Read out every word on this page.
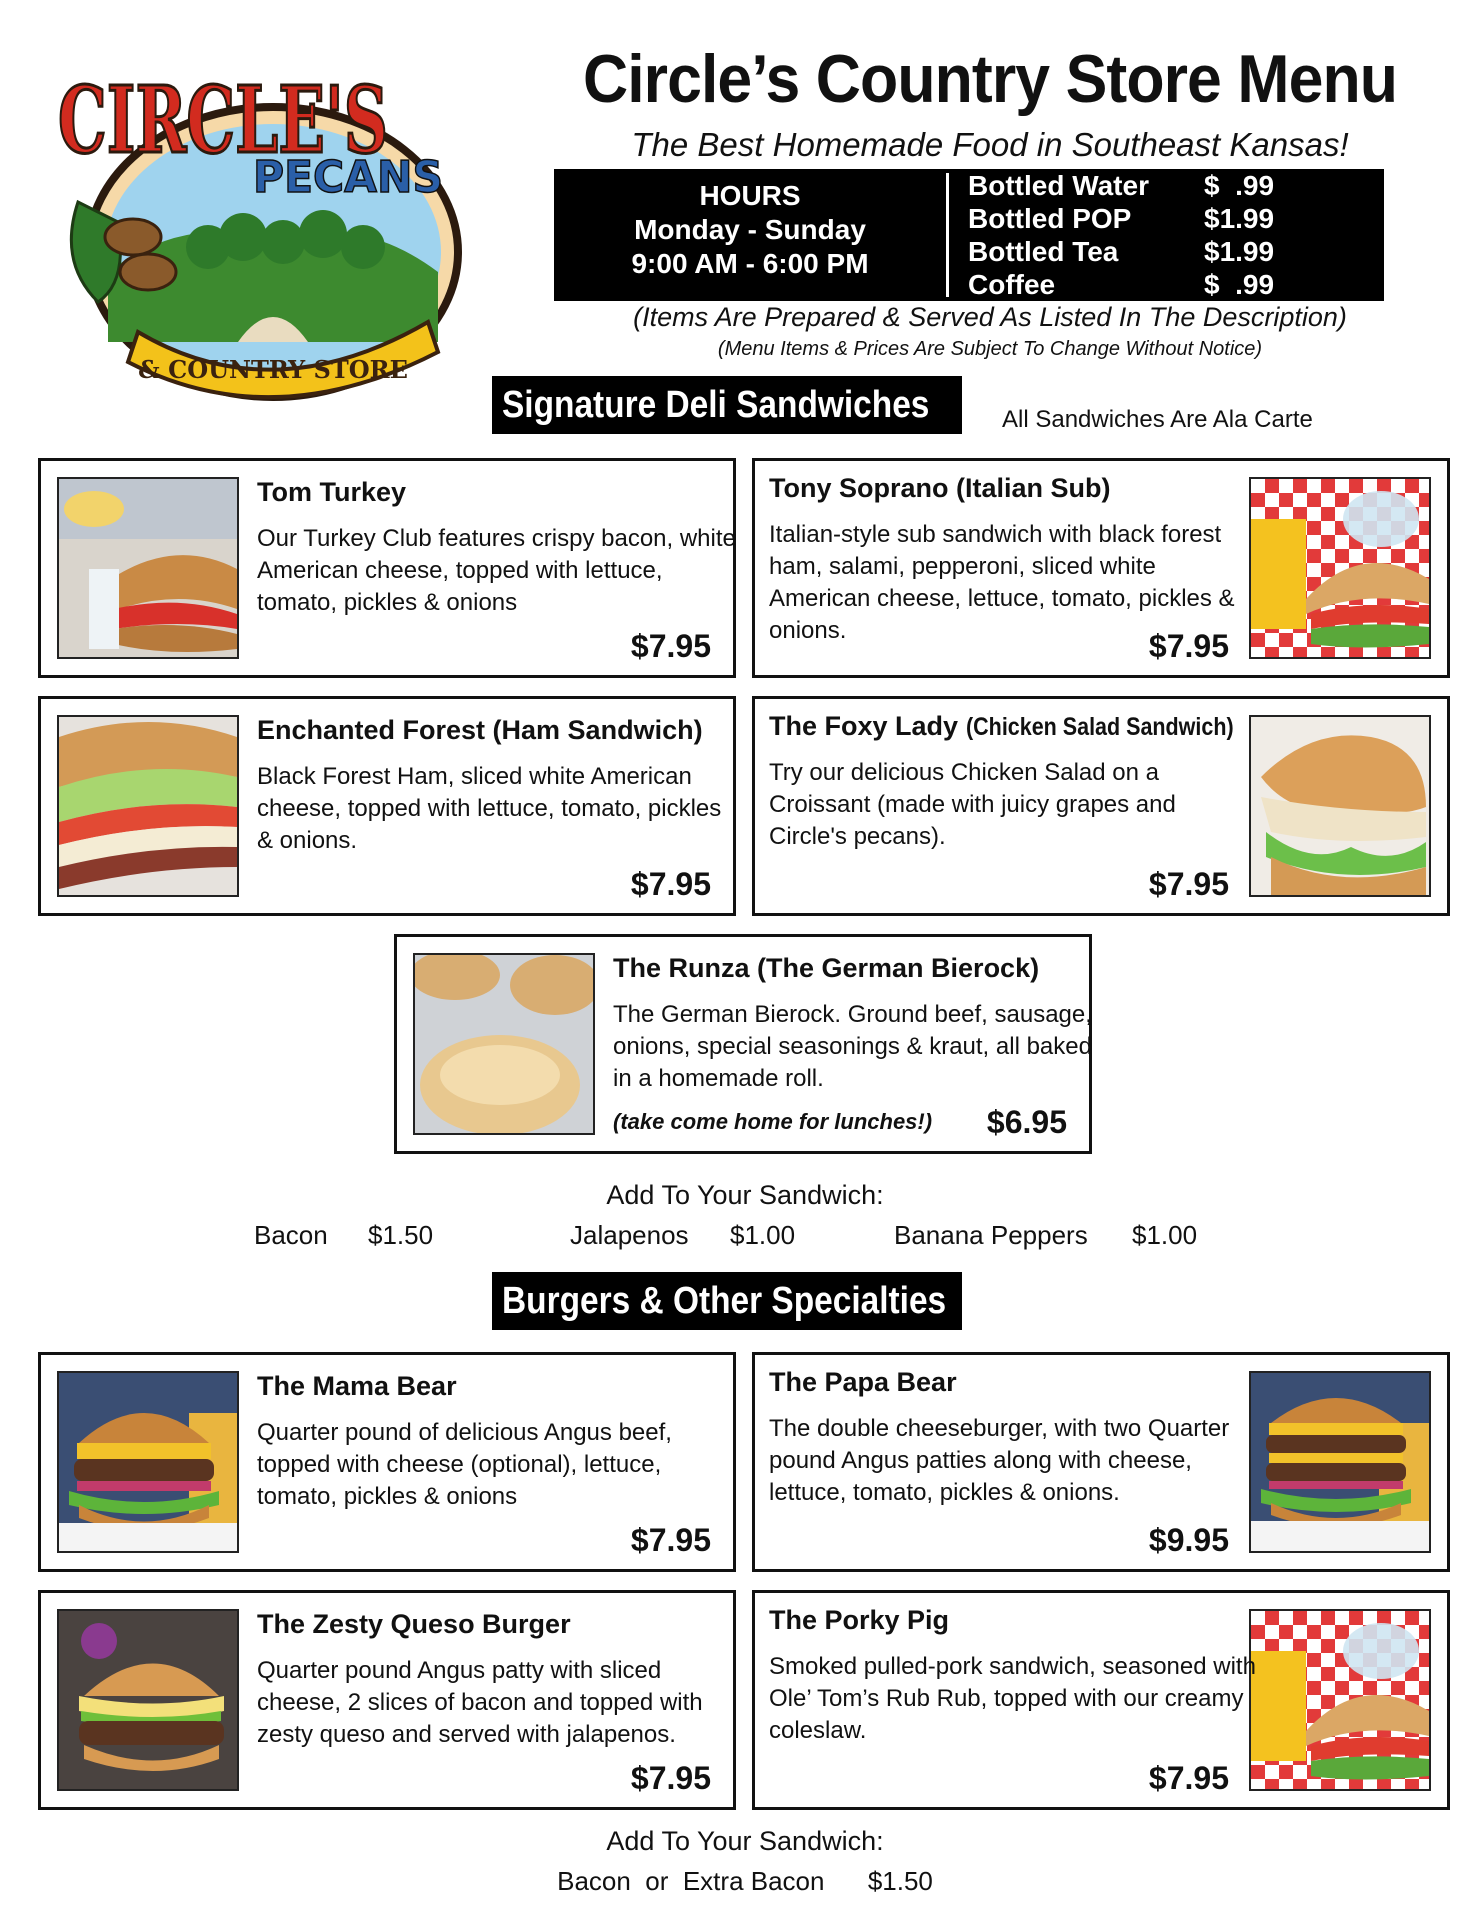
& COUNTRY STORE
CIRCLE'S
PECANS
Circle’s Country Store Menu
The Best Homemade Food in Southeast Kansas!
HOURS
Monday - Sunday
9:00 AM - 6:00 PM
Bottled Water $  .99
Bottled POP	$1.99
Bottled Tea	$1.99
Coffee	$  .99
(Items Are Prepared & Served As Listed In The Description)
(Menu Items & Prices Are Subject To Change Without Notice)
Signature Deli Sandwiches	All Sandwiches Are Ala Carte
Tom Turkey
Our Turkey Club features crispy bacon, white American cheese, topped with lettuce, tomato, pickles & onions
$7.95
Tony Soprano (Italian Sub)
Italian-style sub sandwich with black forest ham, salami, pepperoni, sliced white American cheese, lettuce, tomato, pickles & onions.	$7.95
Enchanted Forest (Ham Sandwich)
Black Forest Ham, sliced white American cheese, topped with lettuce, tomato, pickles & onions.
$7.95
The Foxy Lady (Chicken Salad Sandwich)
Try our delicious Chicken Salad on a Croissant (made with juicy grapes and Circle's pecans).
$7.95
The Runza (The German Bierock)
The German Bierock. Ground beef, sausage, onions, special seasonings & kraut, all baked in a homemade roll.
(take come home for lunches!) $6.95
Add To Your Sandwich:
Bacon $1.50	Jalapenos $1.00	Banana Peppers $1.00
Burgers & Other Specialties
The Mama Bear
Quarter pound of delicious Angus beef, topped with cheese (optional), lettuce, tomato, pickles & onions
$7.95
The Papa Bear
The double cheeseburger, with two Quarter pound Angus patties along with cheese, lettuce, tomato, pickles & onions.
$9.95
The Zesty Queso Burger
Quarter pound Angus patty with sliced cheese, 2 slices of bacon and topped with zesty queso and served with jalapenos.
$7.95
The Porky Pig
Smoked pulled-pork sandwich, seasoned with Ole’ Tom’s Rub Rub, topped with our creamy coleslaw.
$7.95
Add To Your Sandwich:
Bacon  or  Extra Bacon      $1.50
